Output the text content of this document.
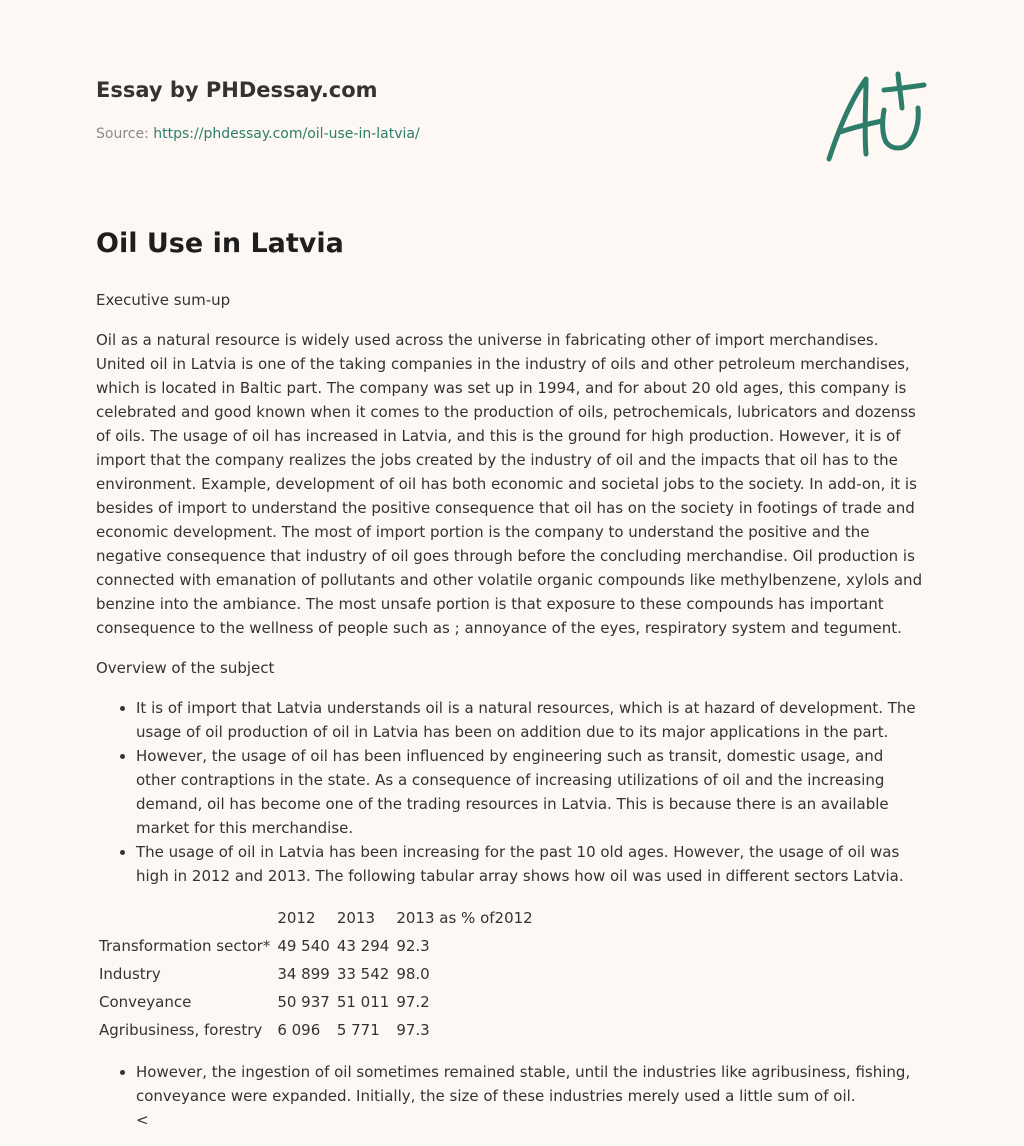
Essay by PHDessay.com
Source: https://phdessay.com/oil-use-in-latvia/
Oil Use in Latvia

Executive sum-up

Oil as a natural resource is widely used across the universe in fabricating other of import merchandises. United oil in Latvia is one of the taking companies in the industry of oils and other petroleum merchandises, which is located in Baltic part. The company was set up in 1994, and for about 20 old ages, this company is celebrated and good known when it comes to the production of oils, petrochemicals, lubricators and dozenss of oils. The usage of oil has increased in Latvia, and this is the ground for high production. However, it is of import that the company realizes the jobs created by the industry of oil and the impacts that oil has to the environment. Example, development of oil has both economic and societal jobs to the society. In add-on, it is besides of import to understand the positive consequence that oil has on the society in footings of trade and economic development. The most of import portion is the company to understand the positive and the negative consequence that industry of oil goes through before the concluding merchandise. Oil production is connected with emanation of pollutants and other volatile organic compounds like methylbenzene, xylols and benzine into the ambiance. The most unsafe portion is that exposure to these compounds has important consequence to the wellness of people such as ; annoyance of the eyes, respiratory system and tegument.

Overview of the subject

• It is of import that Latvia understands oil is a natural resources, which is at hazard of development. The usage of oil production of oil in Latvia has been on addition due to its major applications in the part.
• However, the usage of oil has been influenced by engineering such as transit, domestic usage, and other contraptions in the state. As a consequence of increasing utilizations of oil and the increasing demand, oil has become one of the trading resources in Latvia. This is because there is an available market for this merchandise.
• The usage of oil in Latvia has been increasing for the past 10 old ages. However, the usage of oil was high in 2012 and 2013. The following tabular array shows how oil was used in different sectors Latvia.
	2012	2013	2013 as % of2012
Transformation sector*	49 540	43 294	92.3
Industry	34 899	33 542	98.0
Conveyance	50 937	51 011	97.2
Agribusiness, forestry	6 096	5 771	97.3
• However, the ingestion of oil sometimes remained stable, until the industries like agribusiness, fishing, conveyance were expanded. Initially, the size of these industries merely used a little sum of oil.
<
